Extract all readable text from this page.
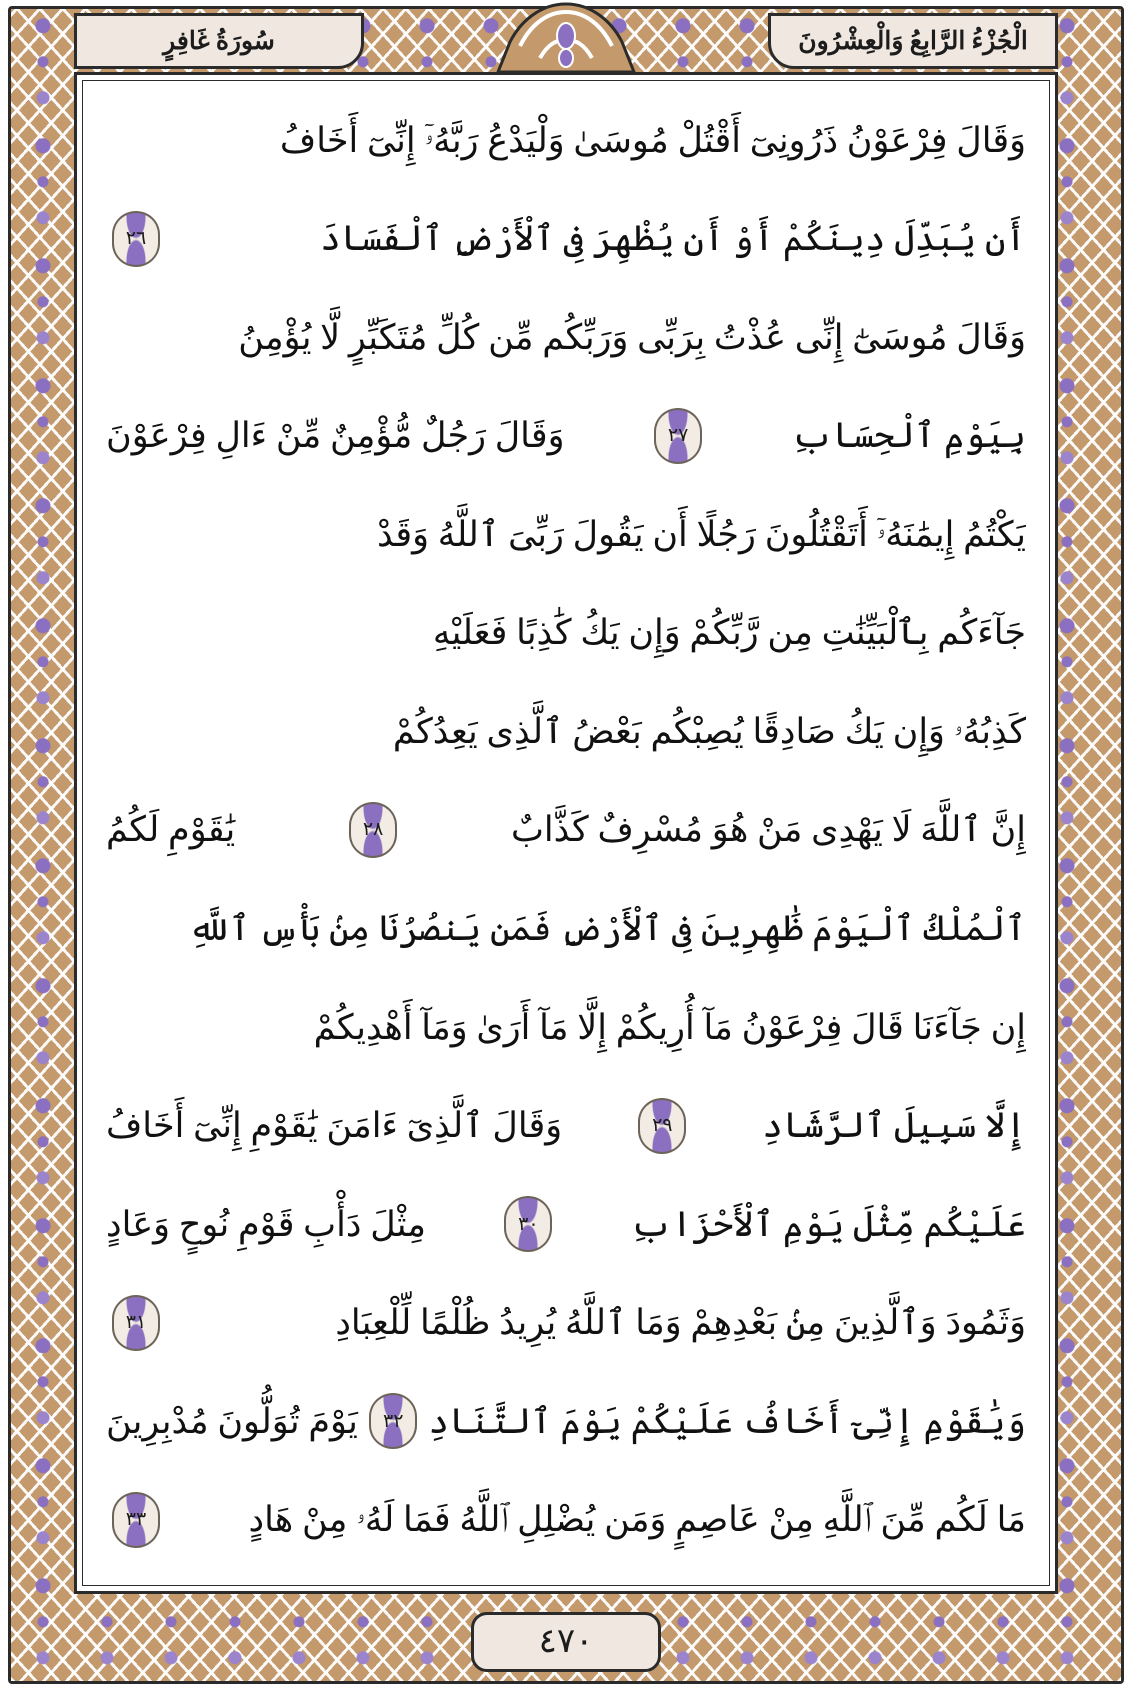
سُورَةُ غَافِرٍ	الْجُزْءُ الرَّابِعُ وَالْعِشْرُونَ
وَقَالَ فِرْعَوْنُ ذَرُونِىٓ أَقْتُلْ مُوسَىٰ وَلْيَدْعُ رَبَّهُۥٓ إِنِّىٓ أَخَافُ
أَن يُبَدِّلَ دِينَكُمْ أَوْ أَن يُظْهِرَ فِى ٱلْأَرْضِ ٱلْفَسَادَ
٢٦
وَقَالَ مُوسَىٰٓ إِنِّى عُذْتُ بِرَبِّى وَرَبِّكُم مِّن كُلِّ مُتَكَبِّرٍ لَّا يُؤْمِنُ
بِيَوْمِ ٱلْحِسَابِ
٢٧
وَقَالَ رَجُلٌ مُّؤْمِنٌ مِّنْ ءَالِ فِرْعَوْنَ
يَكْتُمُ إِيمَٰنَهُۥٓ أَتَقْتُلُونَ رَجُلًا أَن يَقُولَ رَبِّىَ ٱللَّهُ وَقَدْ
جَآءَكُم بِٱلْبَيِّنَٰتِ مِن رَّبِّكُمْ وَإِن يَكُ كَٰذِبًا فَعَلَيْهِ
كَذِبُهُۥ وَإِن يَكُ صَادِقًا يُصِبْكُم بَعْضُ ٱلَّذِى يَعِدُكُمْ
إِنَّ ٱللَّهَ لَا يَهْدِى مَنْ هُوَ مُسْرِفٌ كَذَّابٌ
٢٨
يَٰقَوْمِ لَكُمُ
ٱلْمُلْكُ ٱلْيَوْمَ ظَٰهِرِينَ فِى ٱلْأَرْضِ فَمَن يَنصُرُنَا مِنۢ بَأْسِ ٱللَّهِ
إِن جَآءَنَا قَالَ فِرْعَوْنُ مَآ أُرِيكُمْ إِلَّا مَآ أَرَىٰ وَمَآ أَهْدِيكُمْ
إِلَّا سَبِيلَ ٱلرَّشَادِ
٢٩
وَقَالَ ٱلَّذِىٓ ءَامَنَ يَٰقَوْمِ إِنِّىٓ أَخَافُ
عَلَيْكُم مِّثْلَ يَوْمِ ٱلْأَحْزَابِ
٣٠
مِثْلَ دَأْبِ قَوْمِ نُوحٍ وَعَادٍ
وَثَمُودَ وَٱلَّذِينَ مِنۢ بَعْدِهِمْ وَمَا ٱللَّهُ يُرِيدُ ظُلْمًا لِّلْعِبَادِ
٣١
وَيَٰقَوْمِ إِنِّىٓ أَخَافُ عَلَيْكُمْ يَوْمَ ٱلتَّنَادِ
٣٢
يَوْمَ تُوَلُّونَ مُدْبِرِينَ
مَا لَكُم مِّنَ ٱللَّهِ مِنْ عَاصِمٍ وَمَن يُضْلِلِ ٱللَّهُ فَمَا لَهُۥ مِنْ هَادٍ
٣٣
٤٧٠
